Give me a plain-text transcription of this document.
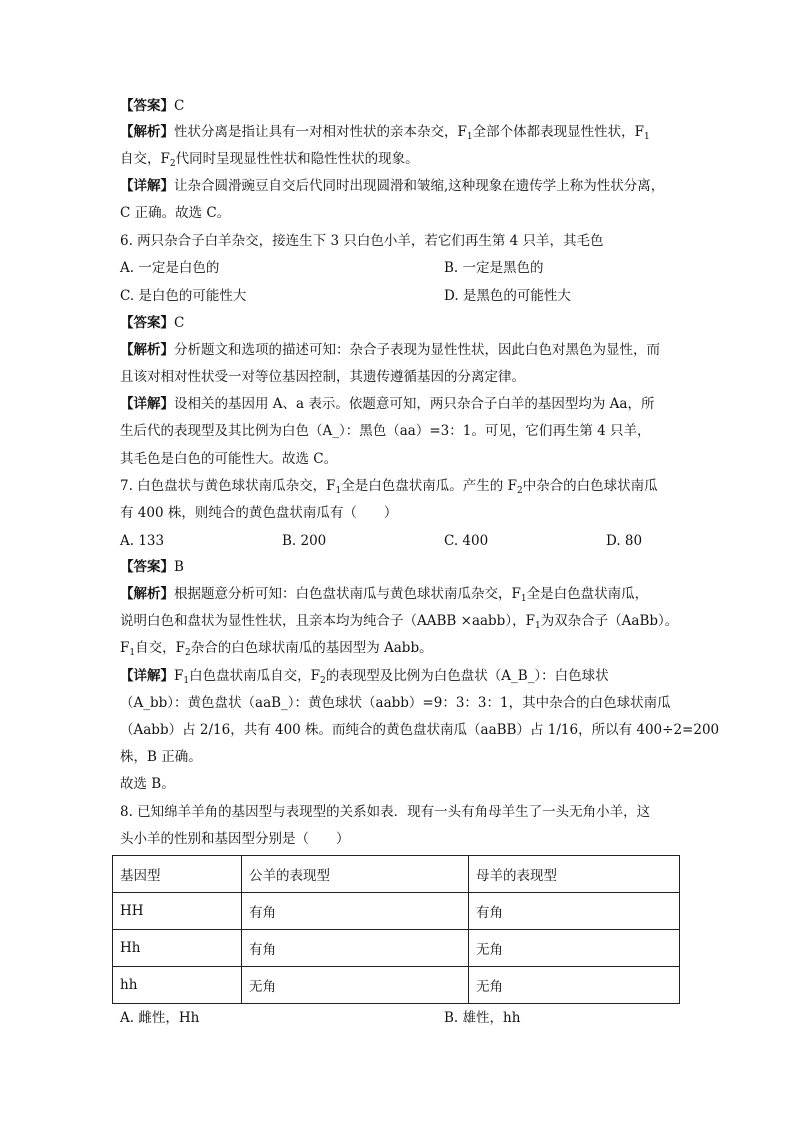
【答案】C
【解析】性状分离是指让具有一对相对性状的亲本杂交，$F_1$全部个体都表现显性性状，$F_1$
自交，$F_2$代同时呈现显性性状和隐性性状的现象。
【详解】让杂合圆滑豌豆自交后代同时出现圆滑和皱缩,这种现象在遗传学上称为性状分离，
C 正确。故选 C。
6. 两只杂合子白羊杂交，接连生下 3 只白色小羊，若它们再生第 4 只羊，其毛色
A. 一定是白色的	B. 一定是黑色的
C. 是白色的可能性大	D. 是黑色的可能性大
【答案】C
【解析】分析题文和选项的描述可知：杂合子表现为显性性状，因此白色对黑色为显性，而
且该对相对性状受一对等位基因控制，其遗传遵循基因的分离定律。
【详解】设相关的基因用 A、a 表示。依题意可知，两只杂合子白羊的基因型均为 Aa，所
生后代的表现型及其比例为白色（A_）：黑色（aa）=3：1。可见，它们再生第 4 只羊，
其毛色是白色的可能性大。故选 C。
7. 白色盘状与黄色球状南瓜杂交，$F_1$全是白色盘状南瓜。产生的 $F_2$中杂合的白色球状南瓜
有 400 株，则纯合的黄色盘状南瓜有（　　）
A. 133	B. 200	C. 400	D. 80
【答案】B
【解析】根据题意分析可知：白色盘状南瓜与黄色球状南瓜杂交，$F_1$全是白色盘状南瓜，
说明白色和盘状为显性性状，且亲本均为纯合子（AABB ×aabb），$F_1$为双杂合子（AaBb）。
$F_1$自交，$F_2$杂合的白色球状南瓜的基因型为 Aabb。
【详解】$F_1$白色盘状南瓜自交，$F_2$的表现型及比例为白色盘状（A_B_）：白色球状
（A_bb）：黄色盘状（aaB_）：黄色球状（aabb）=9：3：3：1，其中杂合的白色球状南瓜
（Aabb）占 2/16，共有 400 株。而纯合的黄色盘状南瓜（aaBB）占 1/16，所以有 400÷2=200
株，B 正确。
故选 B。
8. 已知绵羊羊角的基因型与表现型的关系如表．现有一头有角母羊生了一头无角小羊，这
头小羊的性别和基因型分别是（　　）
基因型	公羊的表现型	母羊的表现型
HH	有角	有角
Hh	有角	无角
hh	无角	无角
A. 雌性，Hh	B. 雄性，hh
